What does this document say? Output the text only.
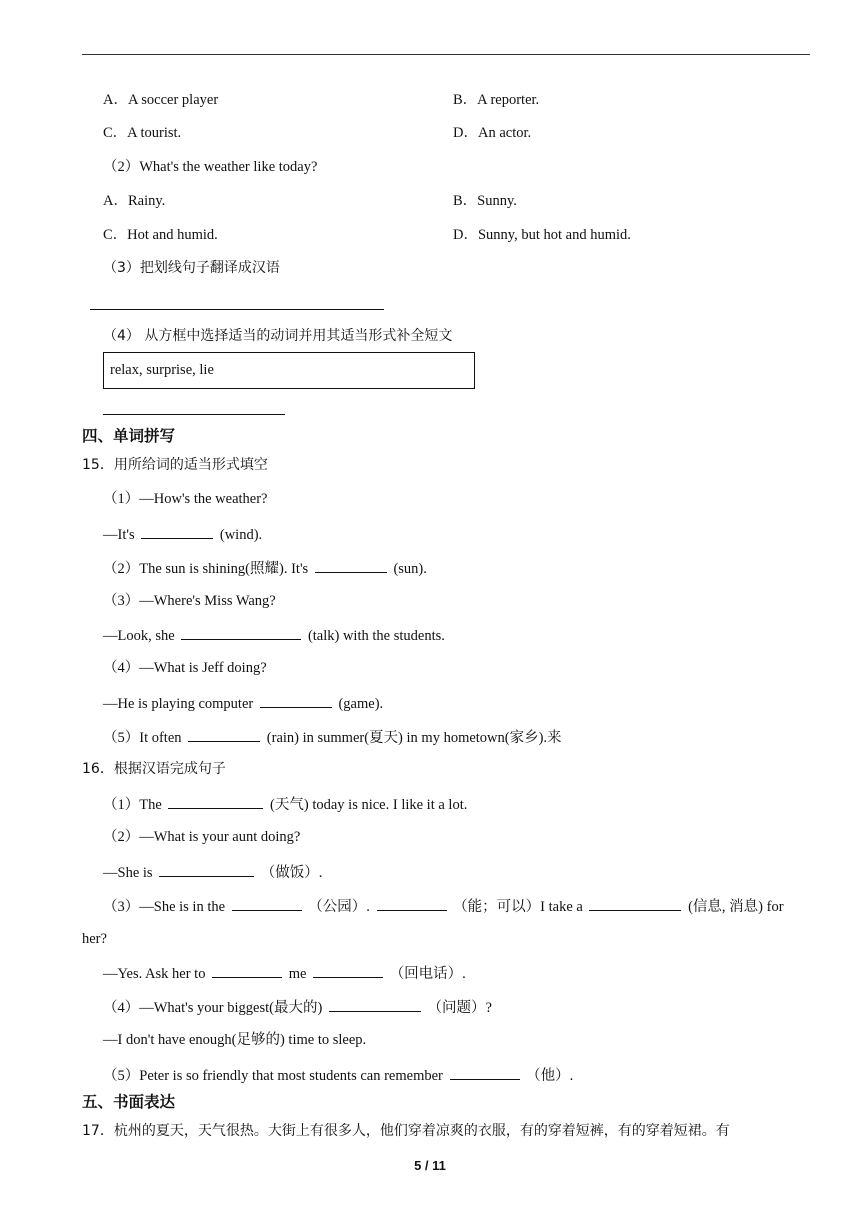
A．A soccer player	B．A reporter.
C．A tourist.	D．An actor.
（2）What's the weather like today?
A．Rainy.	B．Sunny.
C．Hot and humid.	D．Sunny, but hot and humid.
（3）把划线句子翻译成汉语
（4） 从方框中选择适当的动词并用其适当形式补全短文
relax, surprise, lie
四、单词拼写
15．用所给词的适当形式填空
（1）—How's the weather?
—It's	(wind).
（2）The sun is shining(照耀). It's	(sun).
（3）—Where's Miss Wang?
—Look, she	(talk) with the students.
（4）—What is Jeff doing?
—He is playing computer	(game).
（5）It often	(rain) in summer(夏天) in my hometown(家乡).来
16．根据汉语完成句子
（1）The	(天气) today is nice. I like it a lot.
（2）—What is your aunt doing?
—She is	（做饭）.
（3）—She is in the	（公园）.	（能；可以）I take a	(信息, 消息) for
her?
—Yes. Ask her to	me	（回电话）.
（4）—What's your biggest(最大的)	（问题）?
—I don't have enough(足够的) time to sleep.
（5）Peter is so friendly that most students can remember	（他）.
五、书面表达
17．杭州的夏天，天气很热。大街上有很多人，他们穿着凉爽的衣服，有的穿着短裤，有的穿着短裙。有
5 / 11
